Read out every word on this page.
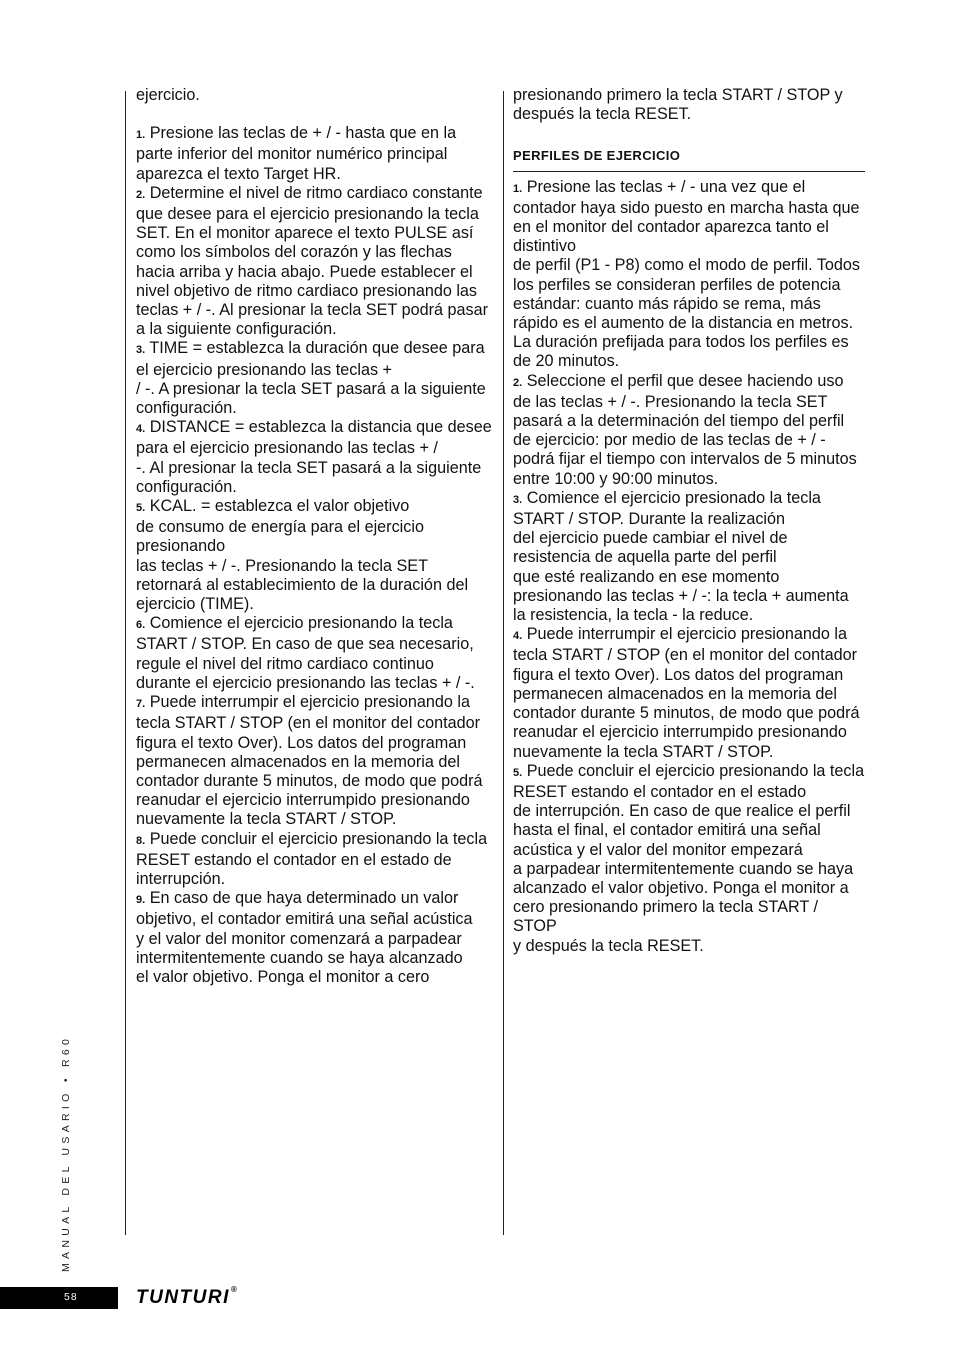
ejercicio.

1. Presione las teclas de + / - hasta que en la parte inferior del monitor numérico principal aparezca el texto Target HR.

2. Determine el nivel de ritmo cardiaco constante que desee para el ejercicio presionando la tecla

SET. En el monitor aparece el texto PULSE así como los símbolos del corazón y las flechas

hacia arriba y hacia abajo. Puede establecer el nivel objetivo de ritmo cardiaco presionando las

teclas + / -. Al presionar la tecla SET podrá pasar a la siguiente configuración.

3. TIME = establezca la duración que desee para el ejercicio presionando las teclas +

/ -. A presionar la tecla SET pasará a la siguiente configuración.

4. DISTANCE = establezca la distancia que desee para el ejercicio presionando las teclas + /

-. Al presionar la tecla SET pasará a la siguiente configuración.

5. KCAL. = establezca el valor objetivo

de consumo de energía para el ejercicio presionando

las teclas + / -. Presionando la tecla SET retornará al establecimiento de la duración del

ejercicio (TIME).

6. Comience el ejercicio presionando la tecla START / STOP. En caso de que sea necesario,

regule el nivel del ritmo cardiaco continuo durante el ejercicio presionando las teclas + / -.

7. Puede interrumpir el ejercicio presionando la tecla START / STOP (en el monitor del contador

figura el texto Over). Los datos del programan permanecen almacenados en la memoria del

contador durante 5 minutos, de modo que podrá reanudar el ejercicio interrumpido presionando

nuevamente la tecla START / STOP.

8. Puede concluir el ejercicio presionando la tecla RESET estando el contador en el estado de

interrupción.

9. En caso de que haya determinado un valor objetivo, el contador emitirá una señal acústica

y el valor del monitor comenzará a parpadear intermitentemente cuando se haya alcanzado

el valor objetivo. Ponga el monitor a cero

presionando primero la tecla START / STOP y

después la tecla RESET.

PERFILES DE EJERCICIO

1. Presione las teclas + / - una vez que el contador haya sido puesto en marcha hasta que en el monitor del contador aparezca tanto el distintivo

de perfil (P1 - P8) como el modo de perfil. Todos los perfiles se consideran perfiles de potencia

estándar: cuanto más rápido se rema, más rápido es el aumento de la distancia en metros.

La duración prefijada para todos los perfiles es de 20 minutos.

2. Seleccione el perfil que desee haciendo uso de las teclas + / -. Presionando la tecla SET

pasará a la determinación del tiempo del perfil de ejercicio: por medio de las teclas de + / - podrá fijar el tiempo con intervalos de 5 minutos entre 10:00 y 90:00 minutos.

3. Comience el ejercicio presionado la tecla START / STOP. Durante la realización

del ejercicio puede cambiar el nivel de resistencia de aquella parte del perfil

que esté realizando en ese momento presionando las teclas + / -: la tecla + aumenta la resistencia, la tecla - la reduce.

4. Puede interrumpir el ejercicio presionando la tecla START / STOP (en el monitor del contador

figura el texto Over). Los datos del programan permanecen almacenados en la memoria del

contador durante 5 minutos, de modo que podrá reanudar el ejercicio interrumpido presionando

nuevamente la tecla START / STOP.

5. Puede concluir el ejercicio presionando la tecla RESET estando el contador en el estado

de interrupción. En caso de que realice el perfil hasta el final, el contador emitirá una señal

acústica y el valor del monitor empezará

a parpadear intermitentemente cuando se haya

alcanzado el valor objetivo. Ponga el monitor a cero presionando primero la tecla START / STOP

y después la tecla RESET.

MANUAL DEL USARIO • R60
58	TUNTURI®
